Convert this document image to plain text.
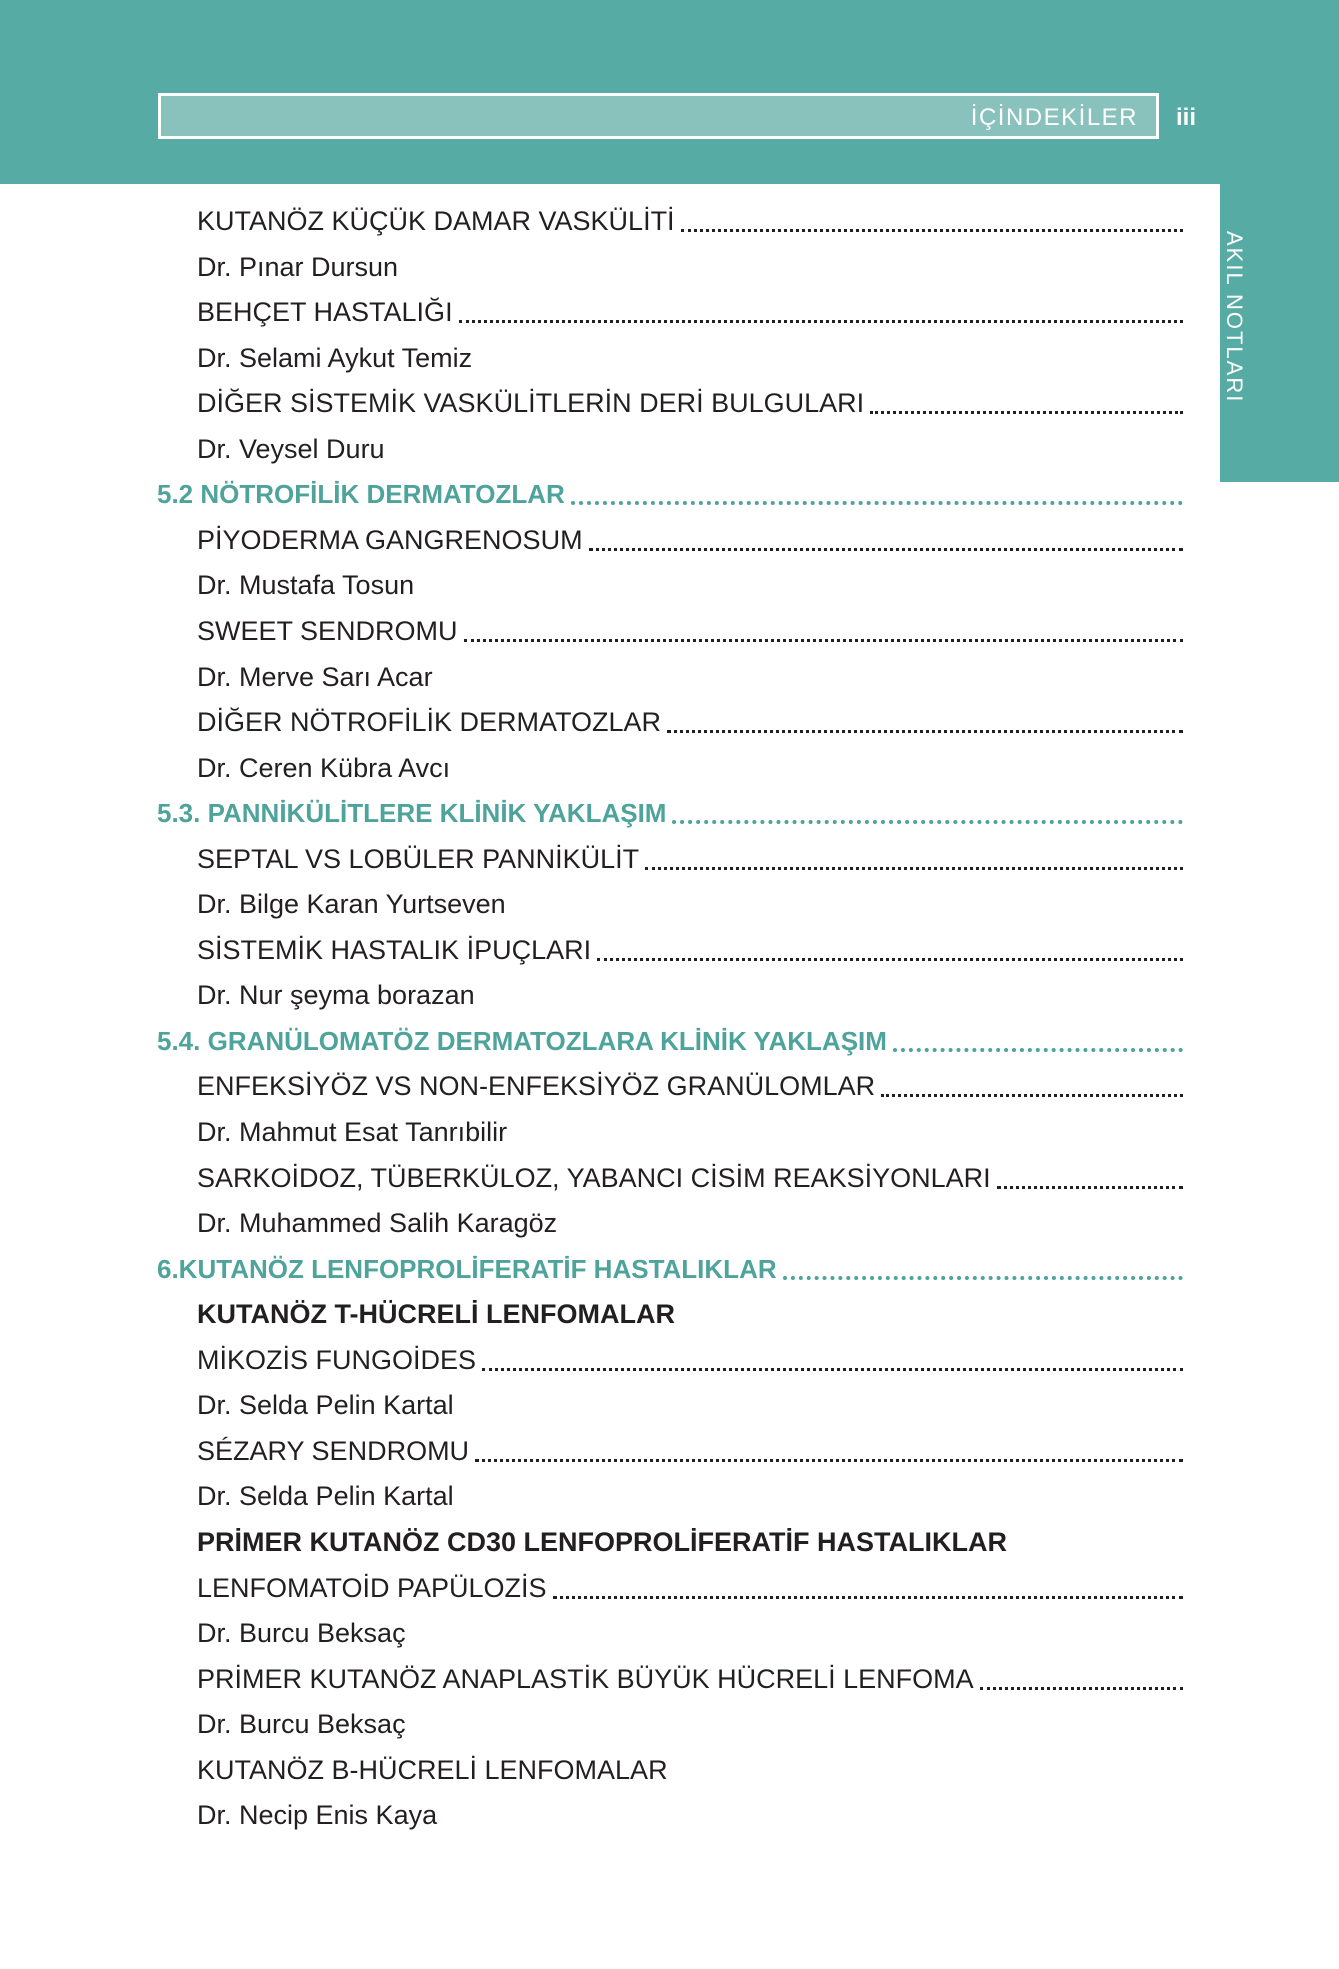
İÇİNDEKİLER iii
AKIL NOTLARI
KUTANÖZ KÜÇÜK DAMAR VASKÜLİTİ
Dr. Pınar Dursun
BEHÇET HASTALIĞI
Dr. Selami Aykut Temiz
DİĞER SİSTEMİK VASKÜLİTLERİN DERİ BULGULARI
Dr. Veysel Duru
5.2 NÖTROFİLİK DERMATOZLAR
PİYODERMA GANGRENOSUM
Dr. Mustafa Tosun
SWEET SENDROMU
Dr. Merve Sarı Acar
DİĞER NÖTROFİLİK DERMATOZLAR
Dr. Ceren Kübra Avcı
5.3. PANNİKÜLİTLERE KLİNİK YAKLAŞIM
SEPTAL VS LOBÜLER PANNİKÜLİT
Dr. Bilge Karan Yurtseven
SİSTEMİK HASTALIK İPUÇLARI
Dr. Nur şeyma borazan
5.4. GRANÜLOMATÖZ DERMATOZLARA KLİNİK YAKLAŞIM
ENFEKSİYÖZ VS NON-ENFEKSİYÖZ GRANÜLOMLAR
Dr. Mahmut Esat Tanrıbilir
SARKOİDOZ, TÜBERKÜLOZ, YABANCI CİSİM REAKSİYONLARI
Dr. Muhammed Salih Karagöz
6.KUTANÖZ LENFOPROLİFERATİF HASTALIKLAR
KUTANÖZ T-HÜCRELİ LENFOMALAR
MİKOZİS FUNGOİDES
Dr. Selda Pelin Kartal
SÉZARY SENDROMU
Dr. Selda Pelin Kartal
PRİMER KUTANÖZ CD30 LENFOPROLİFERATİF HASTALIKLAR
LENFOMATOİD PAPÜLOZİS
Dr. Burcu Beksaç
PRİMER KUTANÖZ ANAPLASTİK BÜYÜK HÜCRELİ LENFOMA
Dr. Burcu Beksaç
KUTANÖZ B-HÜCRELİ LENFOMALAR
Dr. Necip Enis Kaya
